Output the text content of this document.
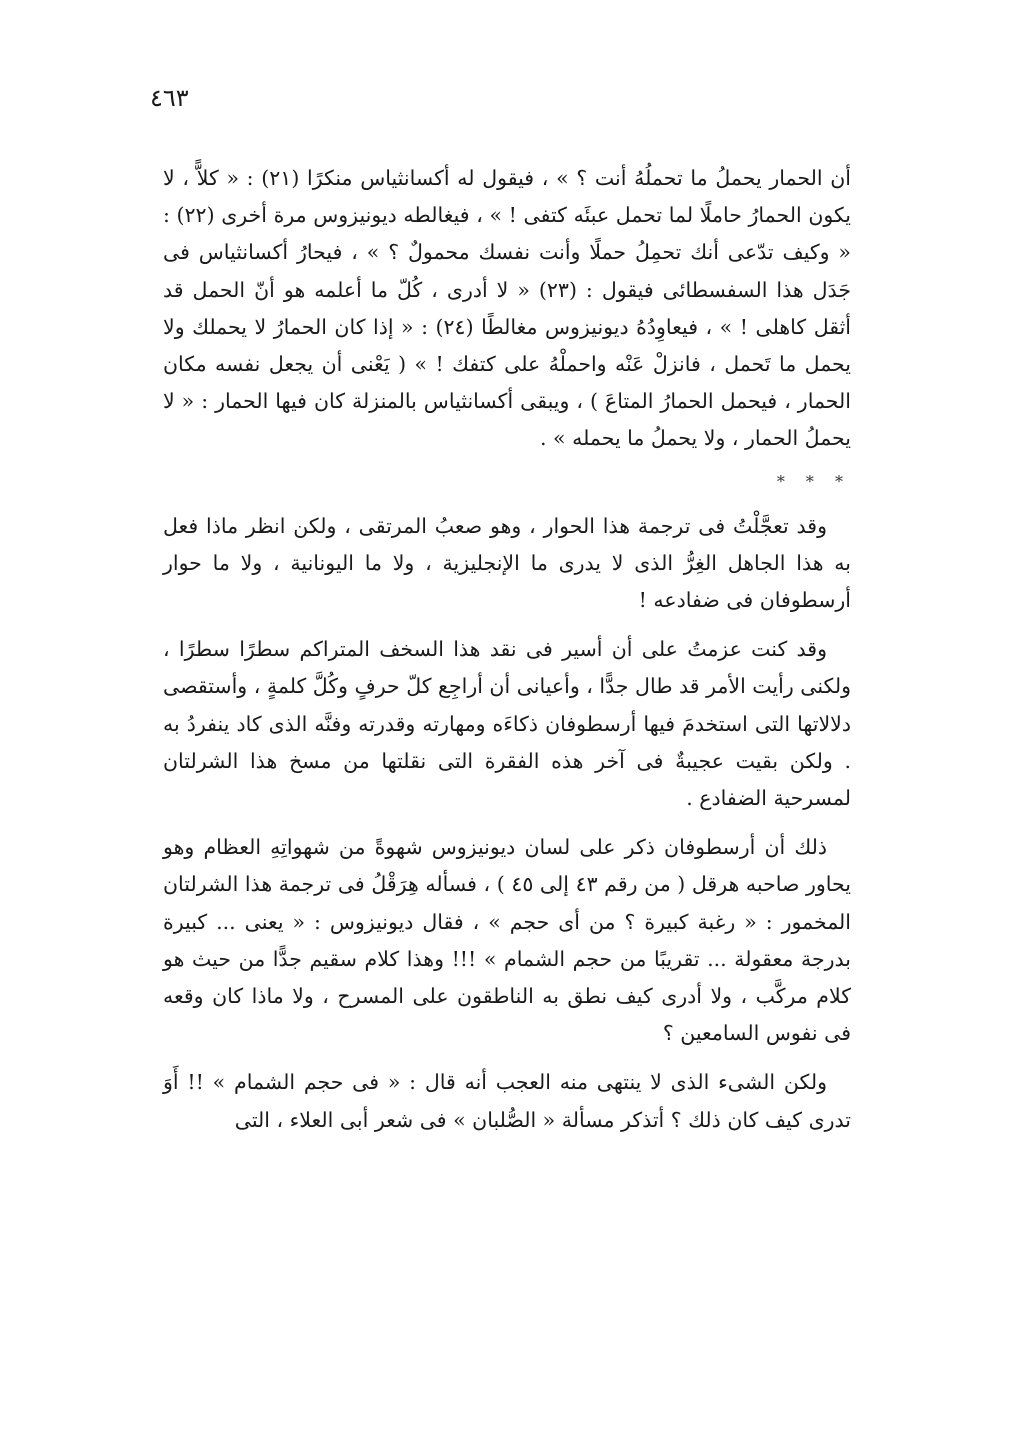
٤٦٣

أن الحمار يحملُ ما تحملُهُ أنت ؟ » ، فيقول له أكسانثياس منكرًا (٢١) : « كلاًّ ، لا يكون الحمارُ حاملًا لما تحمل عبئَه كتفى ! » ، فيغالطه ديونيزوس مرة أخرى (٢٢) : « وكيف تدّعى أنك تحمِلُ حملًا وأنت نفسك محمولٌ ؟ » ، فيحارُ أكسانثياس فى جَدَل هذا السفسطائى فيقول : (٢٣) « لا أدرى ، كُلّ ما أعلمه هو أنّ الحمل قد أثقل كاهلى ! » ، فيعاوِدُهُ ديونيزوس مغالطًا (٢٤) : « إذا كان الحمارُ لا يحملك ولا يحمل ما تَحمل ، فانزلْ عَنْه واحملْهُ على كتفك ! » ( يَعْنى أن يجعل نفسه مكان الحمار ، فيحمل الحمارُ المتاعَ ) ، ويبقى أكسانثياس بالمنزلة كان فيها الحمار : « لا يحملُ الحمار ، ولا يحملُ ما يحمله » .

* * *

وقد تعجَّلْتُ فى ترجمة هذا الحوار ، وهو صعبُ المرتقى ، ولكن انظر ماذا فعل به هذا الجاهل الغِرُّ الذى لا يدرى ما الإنجليزية ، ولا ما اليونانية ، ولا ما حوار أرسطوفان فى ضفادعه !

وقد كنت عزمتُ على أن أسير فى نقد هذا السخف المتراكم سطرًا سطرًا ، ولكنى رأيت الأمر قد طال جدًّا ، وأعيانى أن أراجِع كلّ حرفٍ وكُلَّ كلمةٍ ، وأستقصى دلالاتها التى استخدمَ فيها أرسطوفان ذكاءَه ومهارته وقدرته وفنَّه الذى كاد ينفردُ به . ولكن بقيت عجيبةٌ فى آخر هذه الفقرة التى نقلتها من مسخ هذا الشرلتان لمسرحية الضفادع .

ذلك أن أرسطوفان ذكر على لسان ديونيزوس شهوةً من شهواتِهِ العظام وهو يحاور صاحبه هرقل ( من رقم ٤٣ إلى ٤٥ ) ، فسأله هِرَقْلُ فى ترجمة هذا الشرلتان المخمور : « رغبة كبيرة ؟ من أى حجم » ، فقال ديونيزوس : « يعنى ... كبيرة بدرجة معقولة ... تقريبًا من حجم الشمام » !!! وهذا كلام سقيم جدًّا من حيث هو كلام مركَّب ، ولا أدرى كيف نطق به الناطقون على المسرح ، ولا ماذا كان وقعه فى نفوس السامعين ؟

ولكن الشىء الذى لا ينتهى منه العجب أنه قال : « فى حجم الشمام » !! أَوَ تدرى كيف كان ذلك ؟ أتذكر مسألة « الصُّلبان » فى شعر أبى العلاء ، التى
